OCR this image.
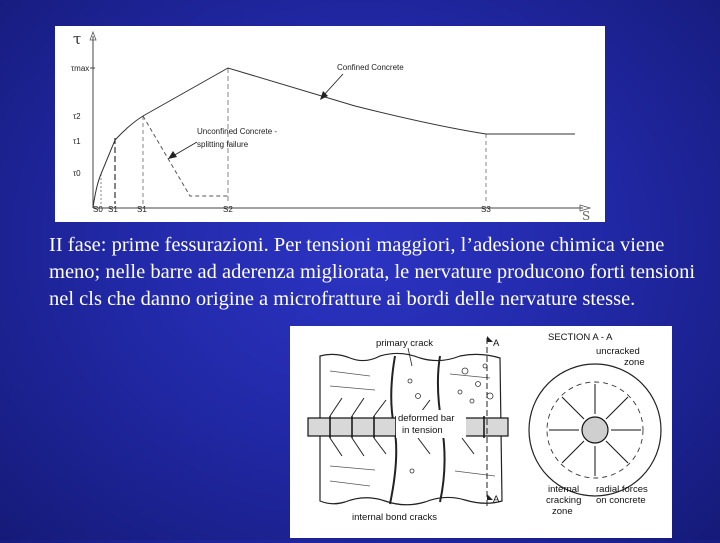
τ
S
τmax
τ2
τ1
τ0
S0 S1 S1	S2	S3
Confined Concrete
Unconfined Concrete -
splitting failure

II fase: prime fessurazioni. Per tensioni maggiori, l’adesione chimica viene meno; nelle barre ad aderenza migliorata, le nervature producono forti tensioni nel cls che danno origine a microfratture ai bordi delle nervature stesse.

A
A
primary crack
deformed bar
in tension
internal bond cracks
SECTION A - A
uncracked
zone
internal
cracking
zone
radial forces
on concrete
